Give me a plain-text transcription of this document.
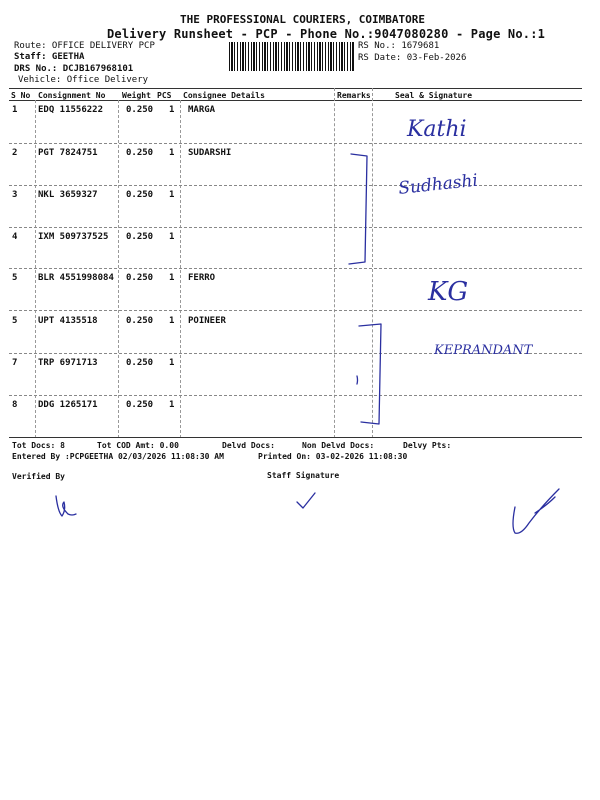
THE PROFESSIONAL COURIERS, COIMBATORE
Delivery Runsheet - PCP - Phone No.:9047080280 - Page No.:1
Route: OFFICE DELIVERY PCP
Staff: GEETHA
DRS No.: DCJB167968101
Vehicle: Office Delivery
RS No.: 1679681
RS Date: 03-Feb-2026
S No Consignment No Weight PCS Consignee Details	Remarks	Seal & Signature
1 EDQ 11556222	0.250 1 MARGA
2 PGT 7824751	0.250 1 SUDARSHI
3 NKL 3659327	0.250 1
4 IXM 509737525 0.250 1
5 BLR 4551998084 0.250 1 FERRO
5 UPT 4135518	0.250 1 POINEER
7 TRP 6971713	0.250 1
8 DDG 1265171	0.250 1
Kathi
Sudhashi
KG
KEPRANDANT
Tot Docs: 8	Tot COD Amt: 0.00	Delvd Docs:	Non Delvd Docs:	Delvy Pts:
Entered By :PCPGEETHA 02/03/2026 11:08:30 AM	Printed On: 03-02-2026 11:08:30
Verified By	Staff Signature
